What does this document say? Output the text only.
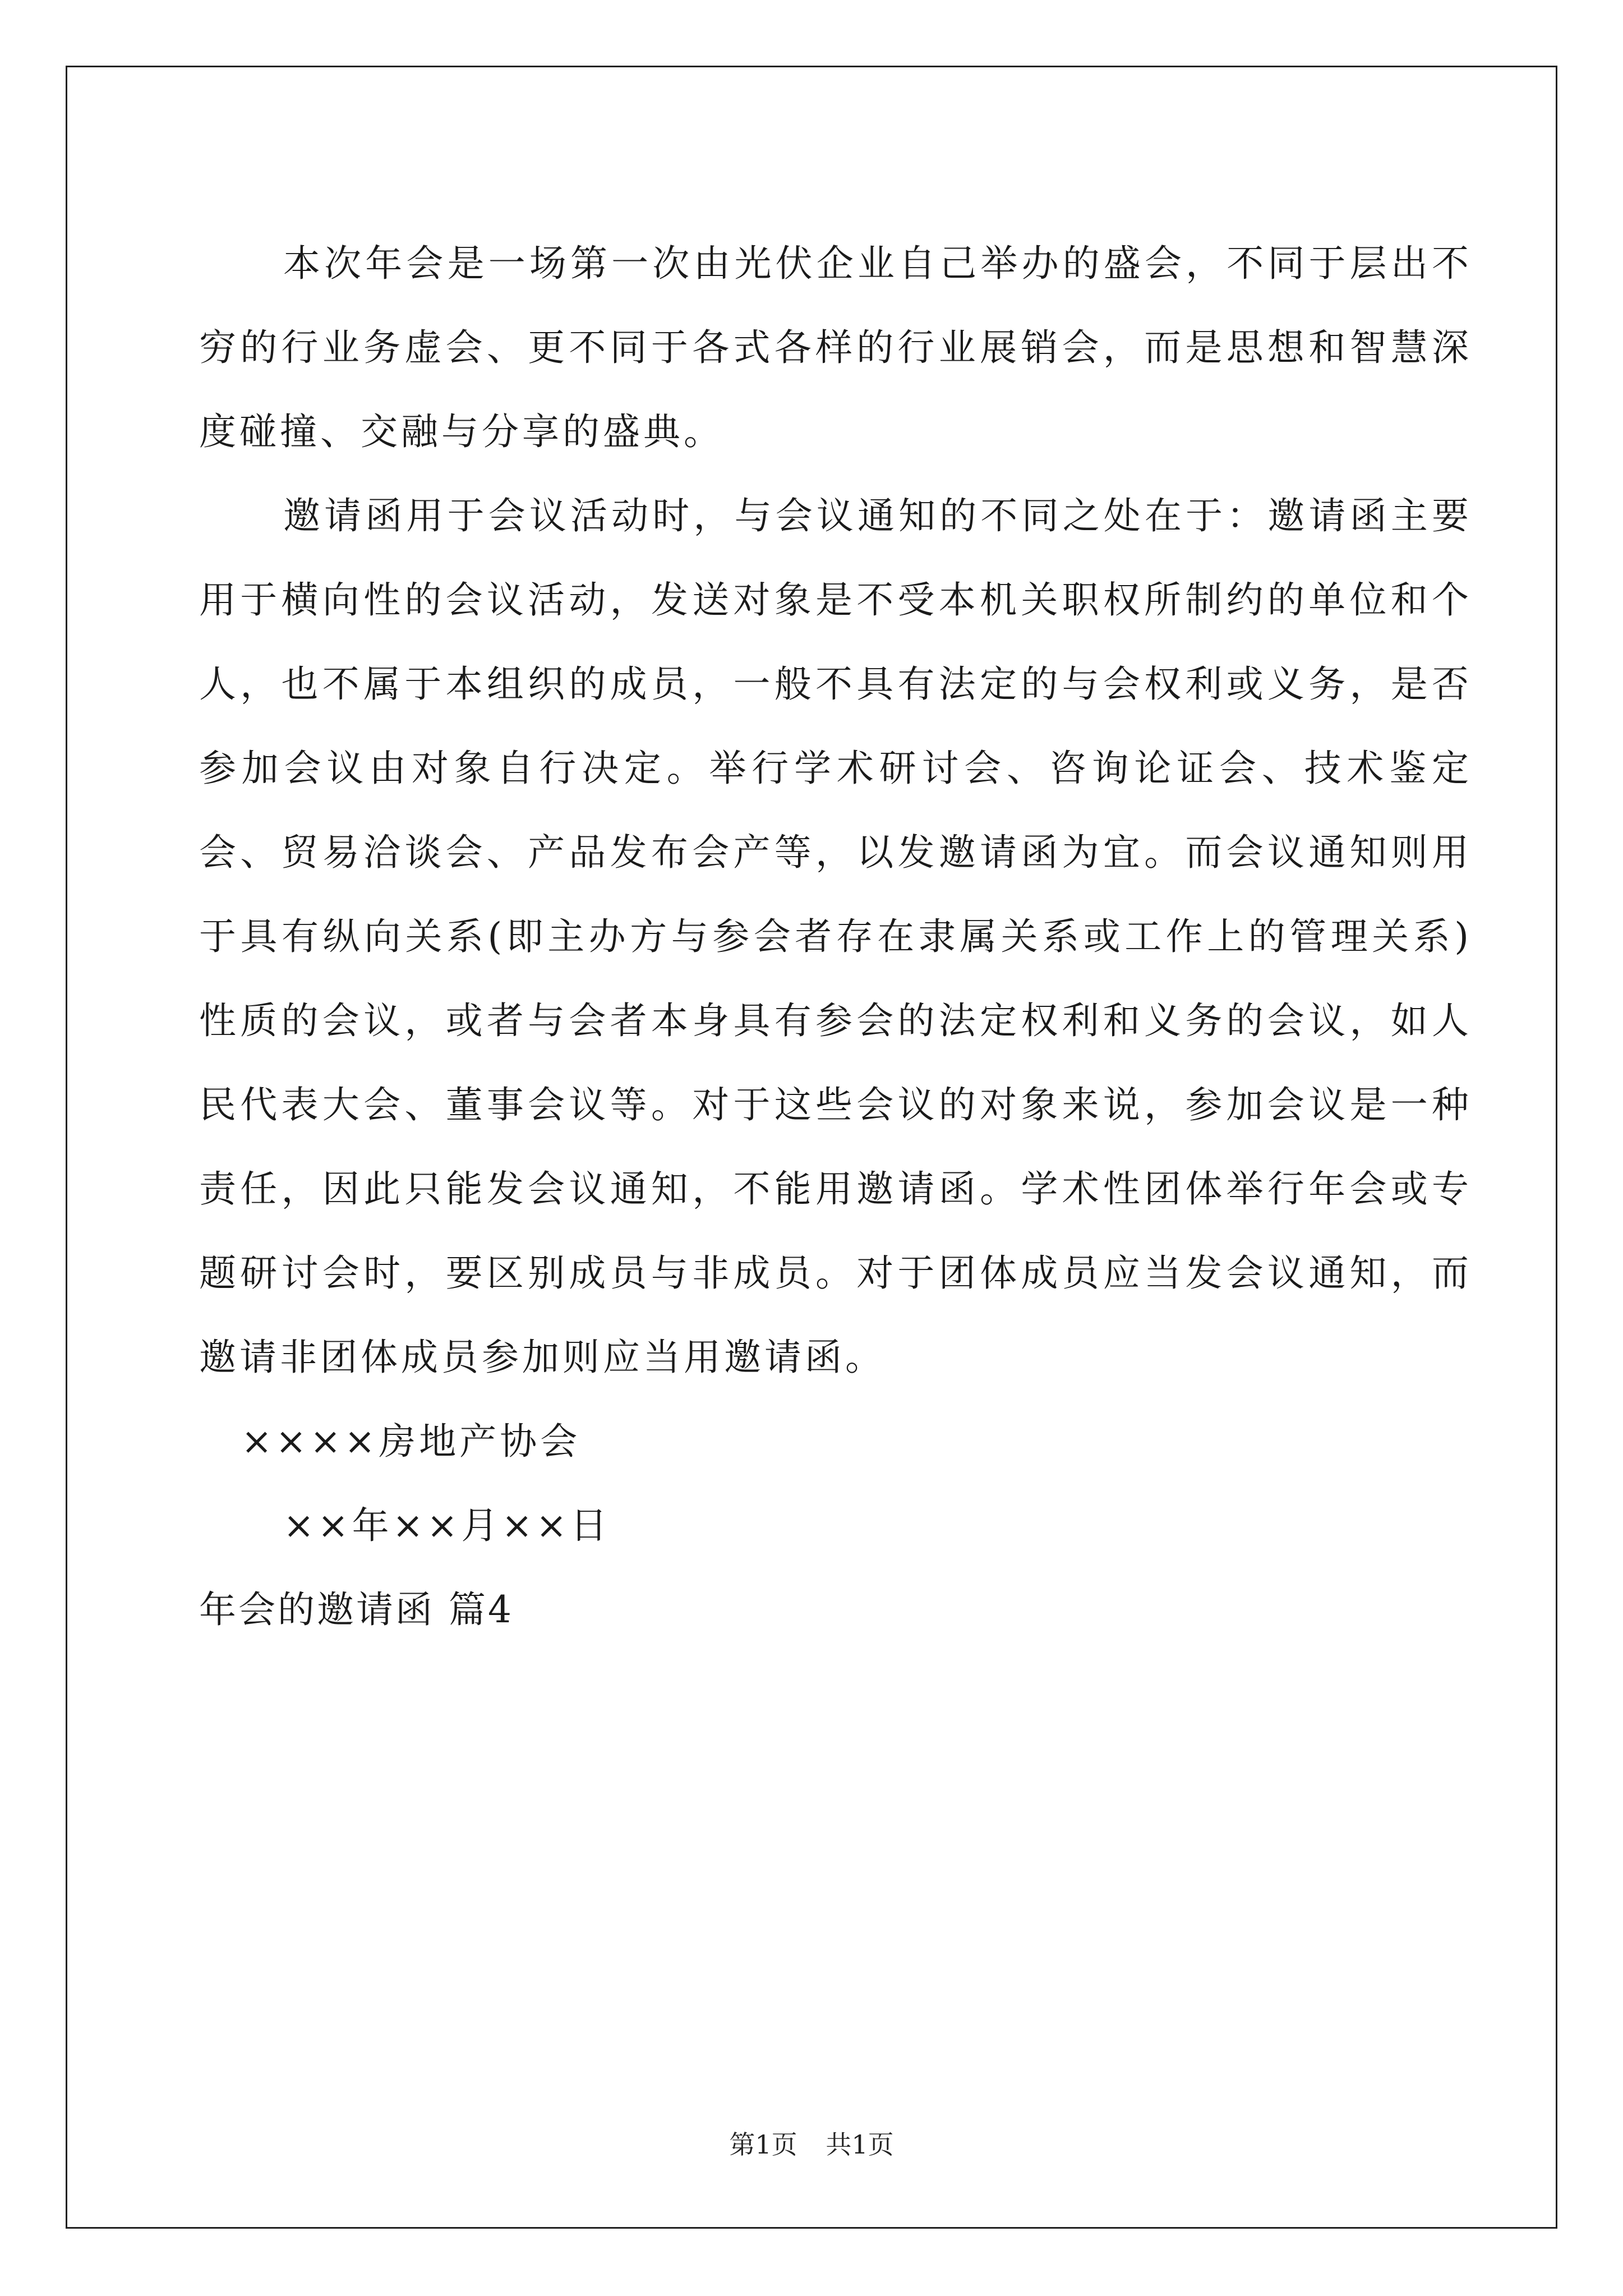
本次年会是一场第一次由光伏企业自己举办的盛会，不同于层出不穷的行业务虚会、更不同于各式各样的行业展销会，而是思想和智慧深度碰撞、交融与分享的盛典。

邀请函用于会议活动时，与会议通知的不同之处在于：邀请函主要用于横向性的会议活动，发送对象是不受本机关职权所制约的单位和个人，也不属于本组织的成员，一般不具有法定的与会权利或义务，是否参加会议由对象自行决定。举行学术研讨会、咨询论证会、技术鉴定会、贸易洽谈会、产品发布会产等，以发邀请函为宜。而会议通知则用于具有纵向关系(即主办方与参会者存在隶属关系或工作上的管理关系)性质的会议，或者与会者本身具有参会的法定权利和义务的会议，如人民代表大会、董事会议等。对于这些会议的对象来说，参加会议是一种责任，因此只能发会议通知，不能用邀请函。学术性团体举行年会或专题研讨会时，要区别成员与非成员。对于团体成员应当发会议通知，而邀请非团体成员参加则应当用邀请函。

××××房地产协会

××年××月××日

年会的邀请函 篇4

第1页 共1页
